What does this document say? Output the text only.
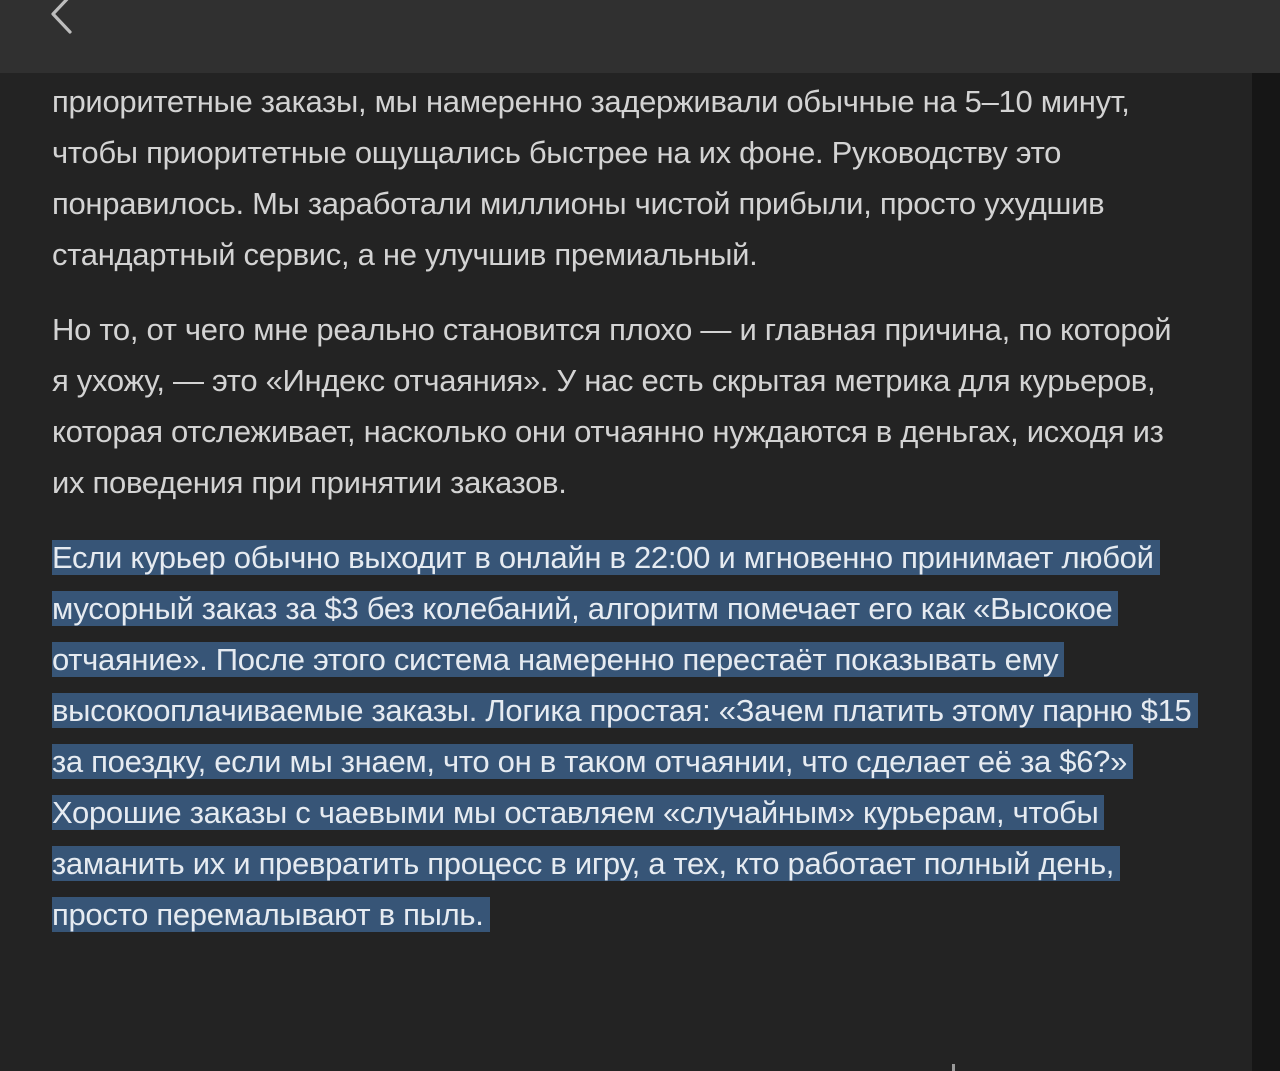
приоритетные заказы, мы намеренно задерживали обычные на 5–10 минут, чтобы приоритетные ощущались быстрее на их фоне. Руководству это понравилось. Мы заработали миллионы чистой прибыли, просто ухудшив стандартный сервис, а не улучшив премиальный.

Но то, от чего мне реально становится плохо — и главная причина, по которой я ухожу, — это «Индекс отчаяния». У нас есть скрытая метрика для курьеров, которая отслеживает, насколько они отчаянно нуждаются в деньгах, исходя из их поведения при принятии заказов.

Если курьер обычно выходит в онлайн в 22:00 и мгновенно принимает любой мусорный заказ за $3 без колебаний, алгоритм помечает его как «Высокое отчаяние». После этого система намеренно перестаёт показывать ему высокооплачиваемые заказы. Логика простая: «Зачем платить этому парню $15 за поездку, если мы знаем, что он в таком отчаянии, что сделает её за $6?» Хорошие заказы с чаевыми мы оставляем «случайным» курьерам, чтобы заманить их и превратить процесс в игру, а тех, кто работает полный день, просто перемалывают в пыль.
